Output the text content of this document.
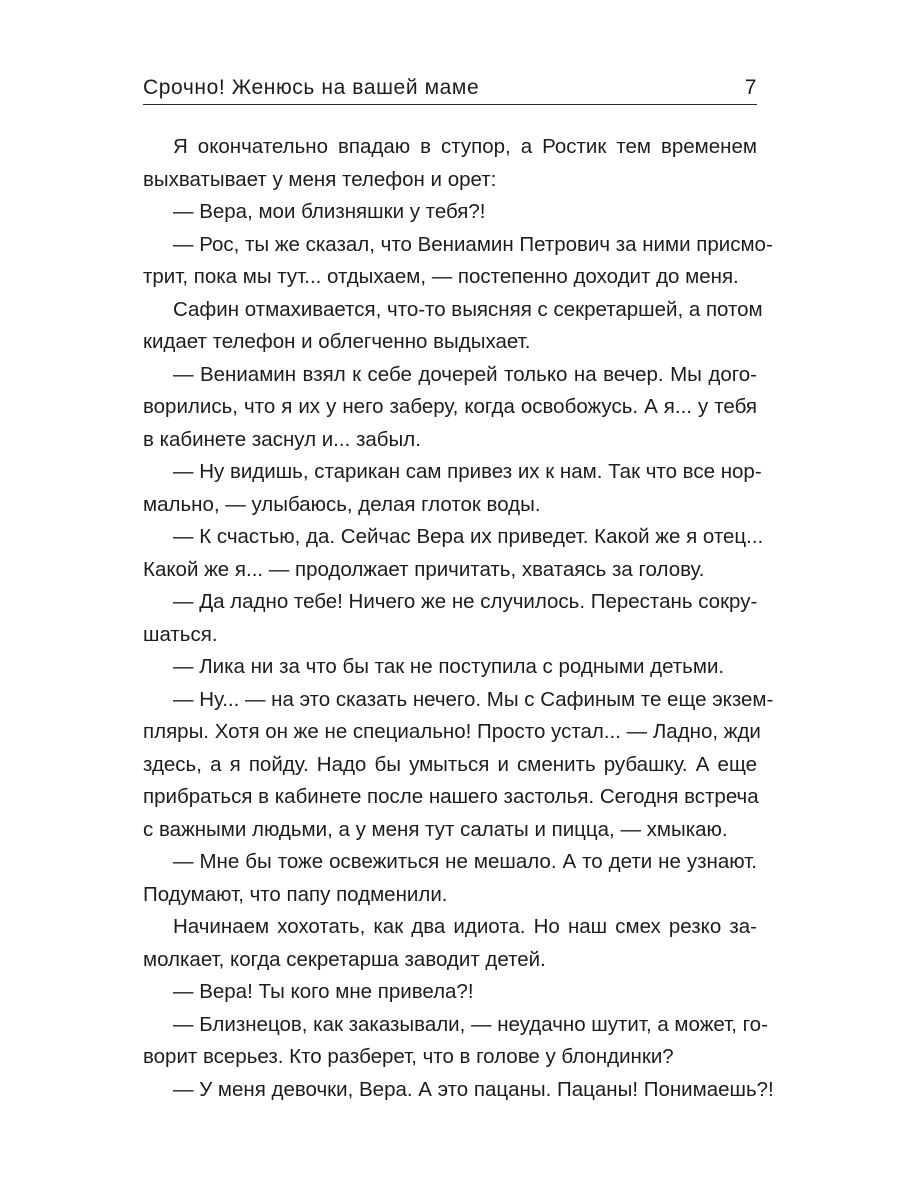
Срочно! Женюсь на вашей маме	7
Я окончательно впадаю в ступор, а Ростик тем временем
выхватывает у меня телефон и орет:
— Вера, мои близняшки у тебя?!
— Рос, ты же сказал, что Вениамин Петрович за ними присмо-
трит, пока мы тут... отдыхаем, — постепенно доходит до меня.
Сафин отмахивается, что-то выясняя с секретаршей, а потом
кидает телефон и облегченно выдыхает.
— Вениамин взял к себе дочерей только на вечер. Мы дого-
ворились, что я их у него заберу, когда освобожусь. А я... у тебя
в кабинете заснул и... забыл.
— Ну видишь, старикан сам привез их к нам. Так что все нор-
мально, — улыбаюсь, делая глоток воды.
— К счастью, да. Сейчас Вера их приведет. Какой же я отец...
Какой же я... — продолжает причитать, хватаясь за голову.
— Да ладно тебе! Ничего же не случилось. Перестань сокру-
шаться.
— Лика ни за что бы так не поступила с родными детьми.
— Ну... — на это сказать нечего. Мы с Сафиным те еще экзем-
пляры. Хотя он же не специально! Просто устал... — Ладно, жди
здесь, а я пойду. Надо бы умыться и сменить рубашку. А еще
прибраться в кабинете после нашего застолья. Сегодня встреча
с важными людьми, а у меня тут салаты и пицца, — хмыкаю.
— Мне бы тоже освежиться не мешало. А то дети не узнают.
Подумают, что папу подменили.
Начинаем хохотать, как два идиота. Но наш смех резко за-
молкает, когда секретарша заводит детей.
— Вера! Ты кого мне привела?!
— Близнецов, как заказывали, — неудачно шутит, а может, го-
ворит всерьез. Кто разберет, что в голове у блондинки?
— У меня девочки, Вера. А это пацаны. Пацаны! Понимаешь?!
